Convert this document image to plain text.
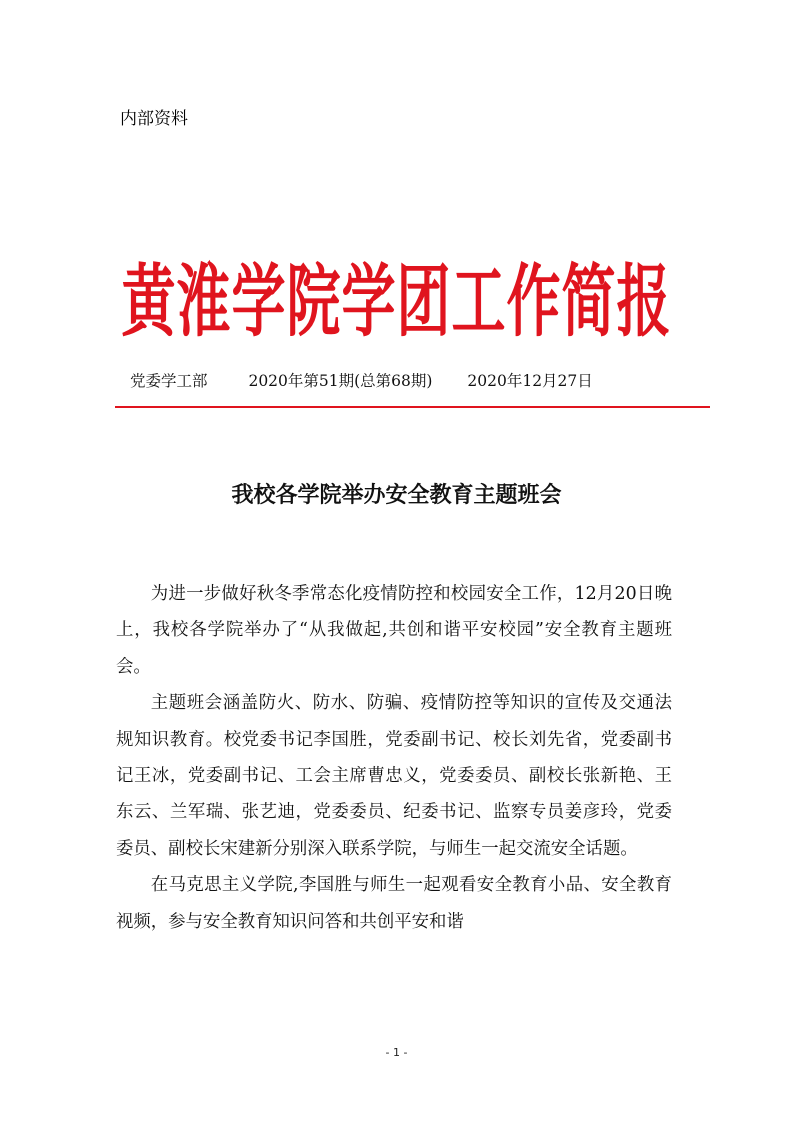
内部资料
黄淮学院学团工作简报
党委学工部	2020年第51期(总第68期) 2020年12月27日
我校各学院举办安全教育主题班会

为进一步做好秋冬季常态化疫情防控和校园安全工作，12月20日晚上，我校各学院举办了“从我做起,共创和谐平安校园”安全教育主题班会。

主题班会涵盖防火、防水、防骗、疫情防控等知识的宣传及交通法规知识教育。校党委书记李国胜，党委副书记、校长刘先省，党委副书记王冰，党委副书记、工会主席曹忠义，党委委员、副校长张新艳、王东云、兰军瑞、张艺迪，党委委员、纪委书记、监察专员姜彦玲，党委委员、副校长宋建新分别深入联系学院，与师生一起交流安全话题。

在马克思主义学院,李国胜与师生一起观看安全教育小品、安全教育视频，参与安全教育知识问答和共创平安和谐

- 1 -
